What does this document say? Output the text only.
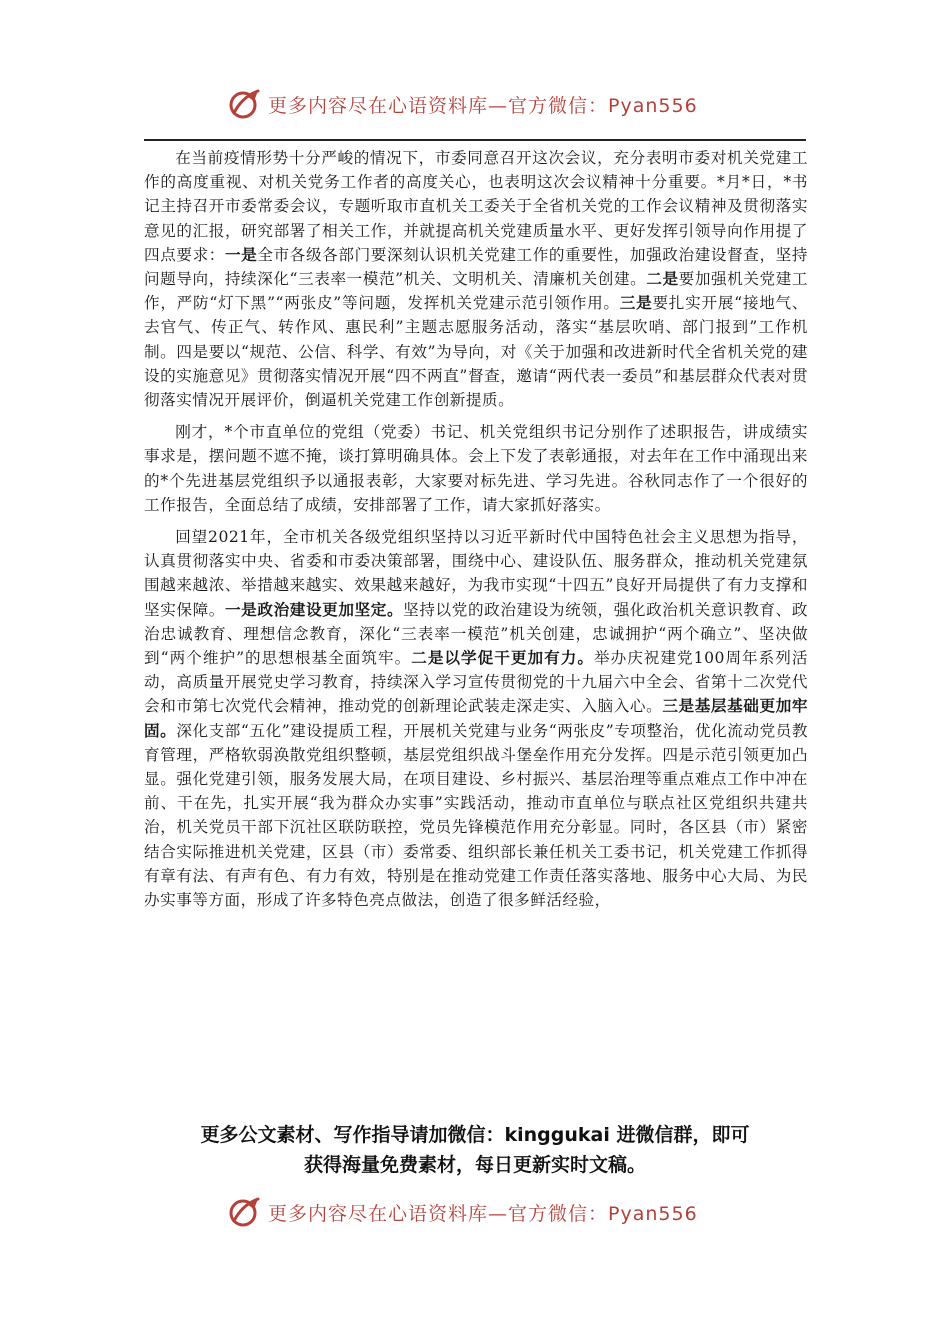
更多内容尽在心语资料库—官方微信：Pyan556

在当前疫情形势十分严峻的情况下，市委同意召开这次会议，充分表明市委对机关党建工作的高度重视、对机关党务工作者的高度关心，也表明这次会议精神十分重要。*月*日，*书记主持召开市委常委会议，专题听取市直机关工委关于全省机关党的工作会议精神及贯彻落实意见的汇报，研究部署了相关工作，并就提高机关党建质量水平、更好发挥引领导向作用提了四点要求：一是全市各级各部门要深刻认识机关党建工作的重要性，加强政治建设督查，坚持问题导向，持续深化“三表率一模范”机关、文明机关、清廉机关创建。二是要加强机关党建工作，严防“灯下黑”“两张皮”等问题，发挥机关党建示范引领作用。三是要扎实开展“接地气、去官气、传正气、转作风、惠民利”主题志愿服务活动，落实“基层吹哨、部门报到”工作机制。四是要以“规范、公信、科学、有效”为导向，对《关于加强和改进新时代全省机关党的建设的实施意见》贯彻落实情况开展“四不两直”督查，邀请“两代表一委员”和基层群众代表对贯彻落实情况开展评价，倒逼机关党建工作创新提质。

刚才，*个市直单位的党组（党委）书记、机关党组织书记分别作了述职报告，讲成绩实事求是，摆问题不遮不掩，谈打算明确具体。会上下发了表彰通报，对去年在工作中涌现出来的*个先进基层党组织予以通报表彰，大家要对标先进、学习先进。谷秋同志作了一个很好的工作报告，全面总结了成绩，安排部署了工作，请大家抓好落实。

回望2021年，全市机关各级党组织坚持以习近平新时代中国特色社会主义思想为指导，认真贯彻落实中央、省委和市委决策部署，围绕中心、建设队伍、服务群众，推动机关党建氛围越来越浓、举措越来越实、效果越来越好，为我市实现“十四五”良好开局提供了有力支撑和坚实保障。一是政治建设更加坚定。坚持以党的政治建设为统领，强化政治机关意识教育、政治忠诚教育、理想信念教育，深化“三表率一模范”机关创建，忠诚拥护“两个确立”、坚决做到“两个维护”的思想根基全面筑牢。二是以学促干更加有力。举办庆祝建党100周年系列活动，高质量开展党史学习教育，持续深入学习宣传贯彻党的十九届六中全会、省第十二次党代会和市第七次党代会精神，推动党的创新理论武装走深走实、入脑入心。三是基层基础更加牢固。深化支部“五化”建设提质工程，开展机关党建与业务“两张皮”专项整治，优化流动党员教育管理，严格软弱涣散党组织整顿，基层党组织战斗堡垒作用充分发挥。四是示范引领更加凸显。强化党建引领，服务发展大局，在项目建设、乡村振兴、基层治理等重点难点工作中冲在前、干在先，扎实开展“我为群众办实事”实践活动，推动市直单位与联点社区党组织共建共治，机关党员干部下沉社区联防联控，党员先锋模范作用充分彰显。同时，各区县（市）紧密结合实际推进机关党建，区县（市）委常委、组织部长兼任机关工委书记，机关党建工作抓得有章有法、有声有色、有力有效，特别是在推动党建工作责任落实落地、服务中心大局、为民办实事等方面，形成了许多特色亮点做法，创造了很多鲜活经验，

更多公文素材、写作指导请加微信：kinggukai 进微信群，即可
获得海量免费素材，每日更新实时文稿。
更多内容尽在心语资料库—官方微信：Pyan556
